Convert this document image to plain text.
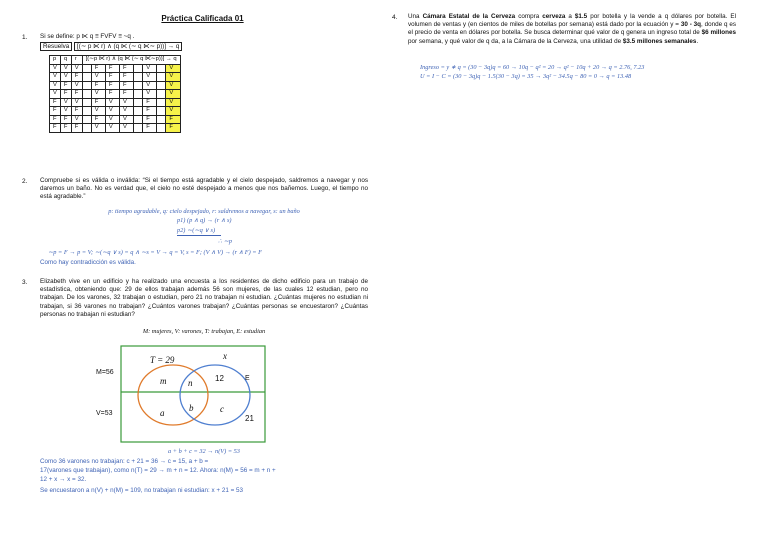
Práctica Calificada 01
1. Si se define: p ⋉ q ≡ FVFV ≡ ~q .
Resuelva [(∼ p ⋉ r) ∧ (q ⋉ (∼ q ⋉∼ p))] → q
p	q	r	[(∼p ⋉ r) ∧ (q ⋉ (∼ q ⋉∼p))] → q							
V	V	V		F	F	F		V		V
V	V	F		V	F	F		V		V
V	F	V		F	F	F		V		V
V	F	F		V	F	F		V		V
F	V	V		F	V	V		F		V
F	V	F		V	V	V		F		V
F	F	V		F	V	V		F		F
F	F	F		V	V	V		F		F
2. Compruebe si es válida o inválida: “Si el tiempo está agradable y el cielo despejado, saldremos a navegar y nos daremos un baño. No es verdad que, el cielo no esté despejado a menos que nos bañemos. Luego, el tiempo no está agradable.”
p: tiempo agradable, q: cielo despejado, r: saldremos a navegar, s: un baño
p1) (p ∧ q) → (r ∧ s)
p2) ∼(∼q ∨ s)
∴ ∼p
∼p = F → p = V; ∼(∼q ∨ s) = q ∧ ∼s = V → q = V, s = F; (V ∧ V) → (r ∧ F) = F
Como hay contradicción es válida.
3. Elizabeth vive en un edificio y ha realizado una encuesta a los residentes de dicho edificio para un trabajo de estadística, obteniendo que: 29 de ellos trabajan además 56 son mujeres, de las cuales 12 estudian, pero no trabajan. De los varones, 32 trabajan o estudian, pero 21 no trabajan ni estudian. ¿Cuántas mujeres no estudian ni trabajan, si 36 varones no trabajan? ¿Cuántos varones trabajan? ¿Cuántas personas se encuestaron? ¿Cuántas personas no trabajan ni estudian?
M: mujeres, V: varones, T: trabajan, E: estudian
M=56
V=53
T = 29	x
m n	12	E
a	b	c
21
a + b + c = 32 → n(V) = 53
Como 36 varones no trabajan: c + 21 = 36 → c = 15, a + b =
17(varones que trabajan), como n(T) = 29 → m + n = 12. Ahora: n(M) = 56 = m + n +
12 + x → x = 32.
Se encuestaron a n(V) + n(M) = 109, no trabajan ni estudian: x + 21 = 53
4. Una Cámara Estatal de la Cerveza compra cerveza a $1.5 por botella y la vende a q dólares por botella. El volumen de ventas y (en cientos de miles de botellas por semana) está dado por la ecuación y = 30 - 3q, donde q es el precio de venta en dólares por botella. Se busca determinar qué valor de q genera un ingreso total de $6 millones por semana, y qué valor de q da, a la Cámara de la Cerveza, una utilidad de $3.5 millones semanales.
Ingreso = y ∗ q = (30 − 3q)q = 60 → 10q − q² = 20 → q² − 10q + 20 → q = 2.76, 7.23
U = I − C = (30 − 3q)q − 1.5(30 − 3q) = 35 → 3q² − 34.5q − 80 = 0 → q = 13.48
